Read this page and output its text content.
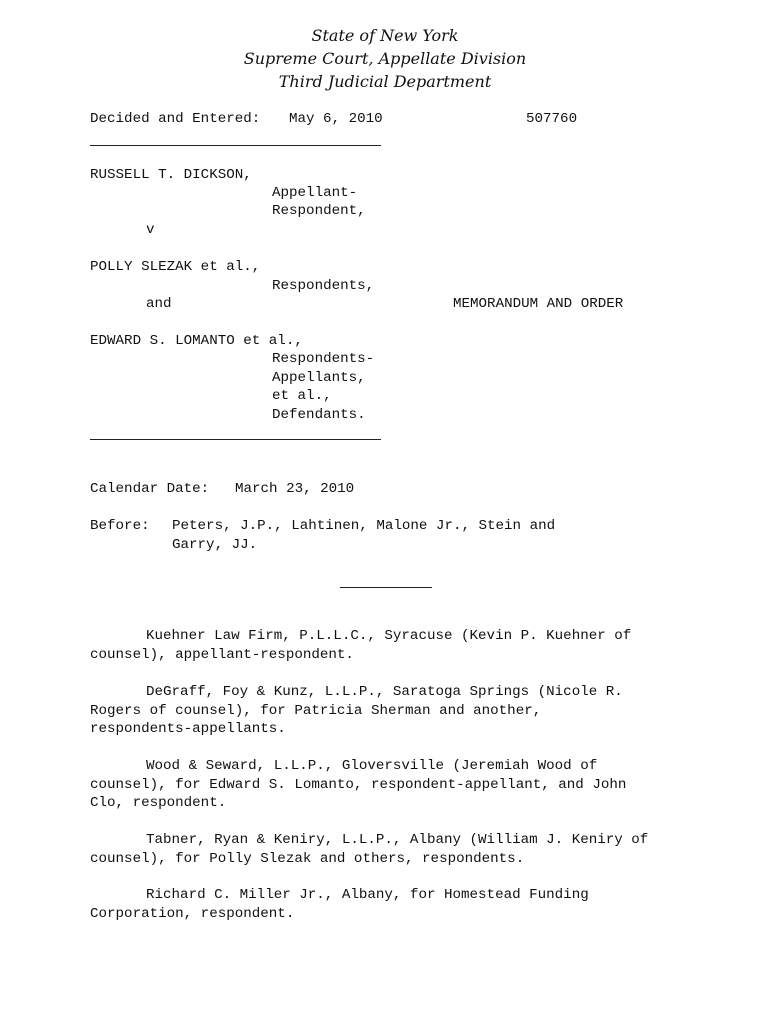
State of New York
Supreme Court, Appellate Division
Third Judicial Department
Decided and Entered: May 6, 2010	507760
RUSSELL T. DICKSON,
Appellant-
Respondent,
v
POLLY SLEZAK et al.,
Respondents,
and	MEMORANDUM AND ORDER
EDWARD S. LOMANTO et al.,
Respondents-
Appellants,
et al.,
Defendants.
Calendar Date: March 23, 2010
Before: Peters, J.P., Lahtinen, Malone Jr., Stein and
Garry, JJ.
Kuehner Law Firm, P.L.L.C., Syracuse (Kevin P. Kuehner of
counsel), appellant-respondent.
DeGraff, Foy & Kunz, L.L.P., Saratoga Springs (Nicole R.
Rogers of counsel), for Patricia Sherman and another,
respondents-appellants.
Wood & Seward, L.L.P., Gloversville (Jeremiah Wood of
counsel), for Edward S. Lomanto, respondent-appellant, and John
Clo, respondent.
Tabner, Ryan & Keniry, L.L.P., Albany (William J. Keniry of
counsel), for Polly Slezak and others, respondents.
Richard C. Miller Jr., Albany, for Homestead Funding
Corporation, respondent.
